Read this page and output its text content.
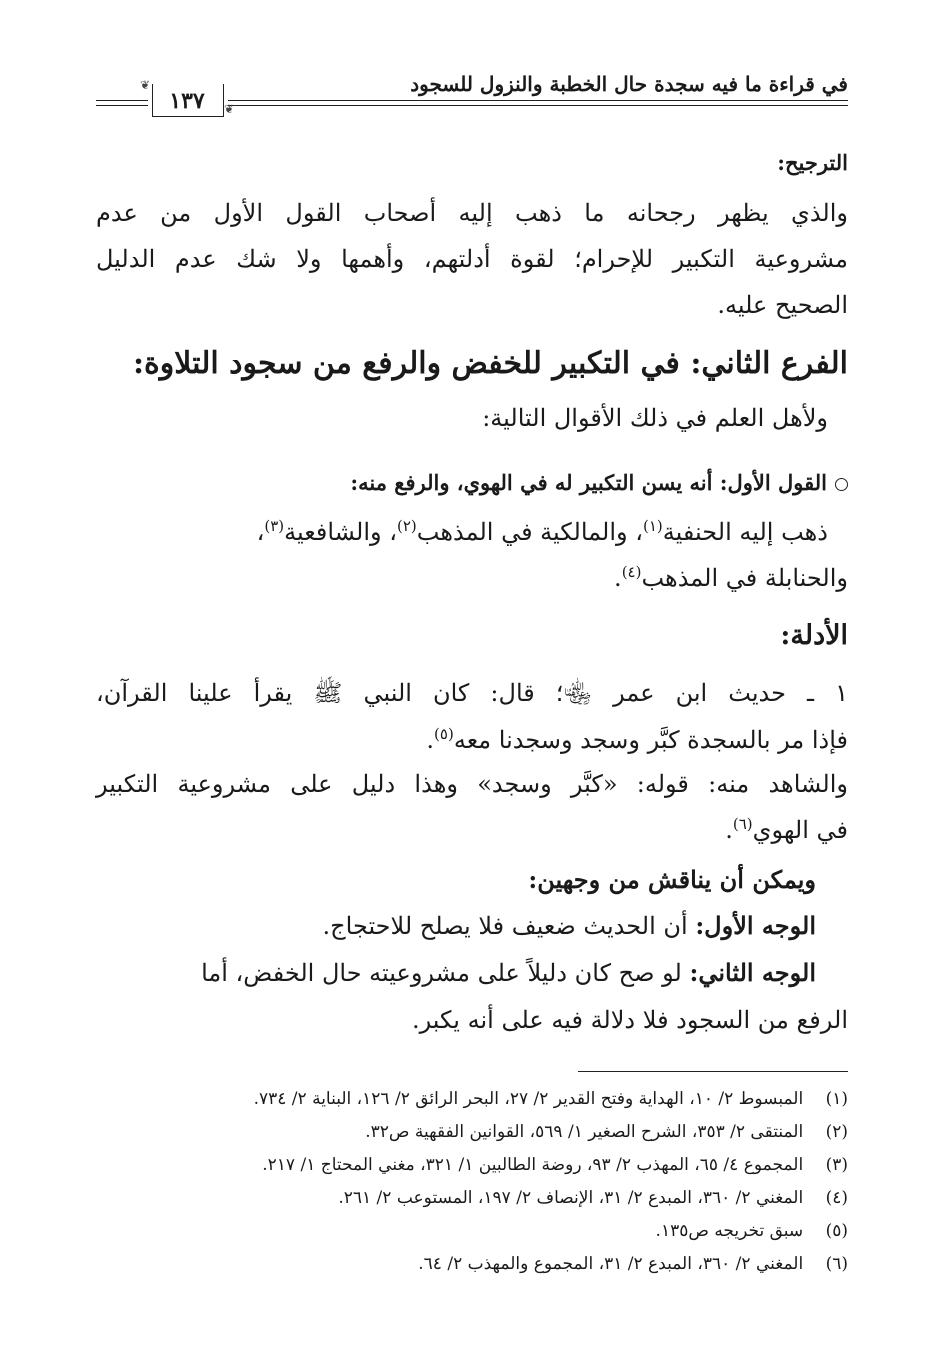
في قراءة ما فيه سجدة حال الخطبة والنزول للسجود
❦
❦
١٣٧
الترجيح:
والذي يظهر رجحانه ما ذهب إليه أصحاب القول الأول من عدم
مشروعية التكبير للإحرام؛ لقوة أدلتهم، وأهمها ولا شك عدم الدليل
الصحيح عليه.
الفرع الثاني: في التكبير للخفض والرفع من سجود التلاوة:
ولأهل العلم في ذلك الأقوال التالية:
القول الأول: أنه يسن التكبير له في الهوي، والرفع منه:
ذهب إليه الحنفية$^{(١)}$، والمالكية في المذهب$^{(٢)}$، والشافعية$^{(٣)}$،
والحنابلة في المذهب$^{(٤)}$.
الأدلة:
١ ـ حديث ابن عمر ﵄؛ قال: كان النبي ﷺ يقرأ علينا القرآن،
فإذا مر بالسجدة كبَّر وسجد وسجدنا معه$^{(٥)}$.
والشاهد منه: قوله: «كبَّر وسجد» وهذا دليل على مشروعية التكبير
في الهوي$^{(٦)}$.
ويمكن أن يناقش من وجهين:
الوجه الأول: أن الحديث ضعيف فلا يصلح للاحتجاج.
الوجه الثاني: لو صح كان دليلاً على مشروعيته حال الخفض، أما
الرفع من السجود فلا دلالة فيه على أنه يكبر.
(١)  المبسوط ٢/ ١٠، الهداية وفتح القدير ٢/ ٢٧، البحر الرائق ٢/ ١٢٦، البناية ٢/ ٧٣٤.
(٢)  المنتقى ٢/ ٣٥٣، الشرح الصغير ١/ ٥٦٩، القوانين الفقهية ص٣٢.
(٣)  المجموع ٤/ ٦٥، المهذب ٢/ ٩٣، روضة الطالبين ١/ ٣٢١، مغني المحتاج ١/ ٢١٧.
(٤)  المغني ٢/ ٣٦٠، المبدع ٢/ ٣١، الإنصاف ٢/ ١٩٧، المستوعب ٢/ ٢٦١.
(٥)  سبق تخريجه ص١٣٥.
(٦)  المغني ٢/ ٣٦٠، المبدع ٢/ ٣١، المجموع والمهذب ٢/ ٦٤.
